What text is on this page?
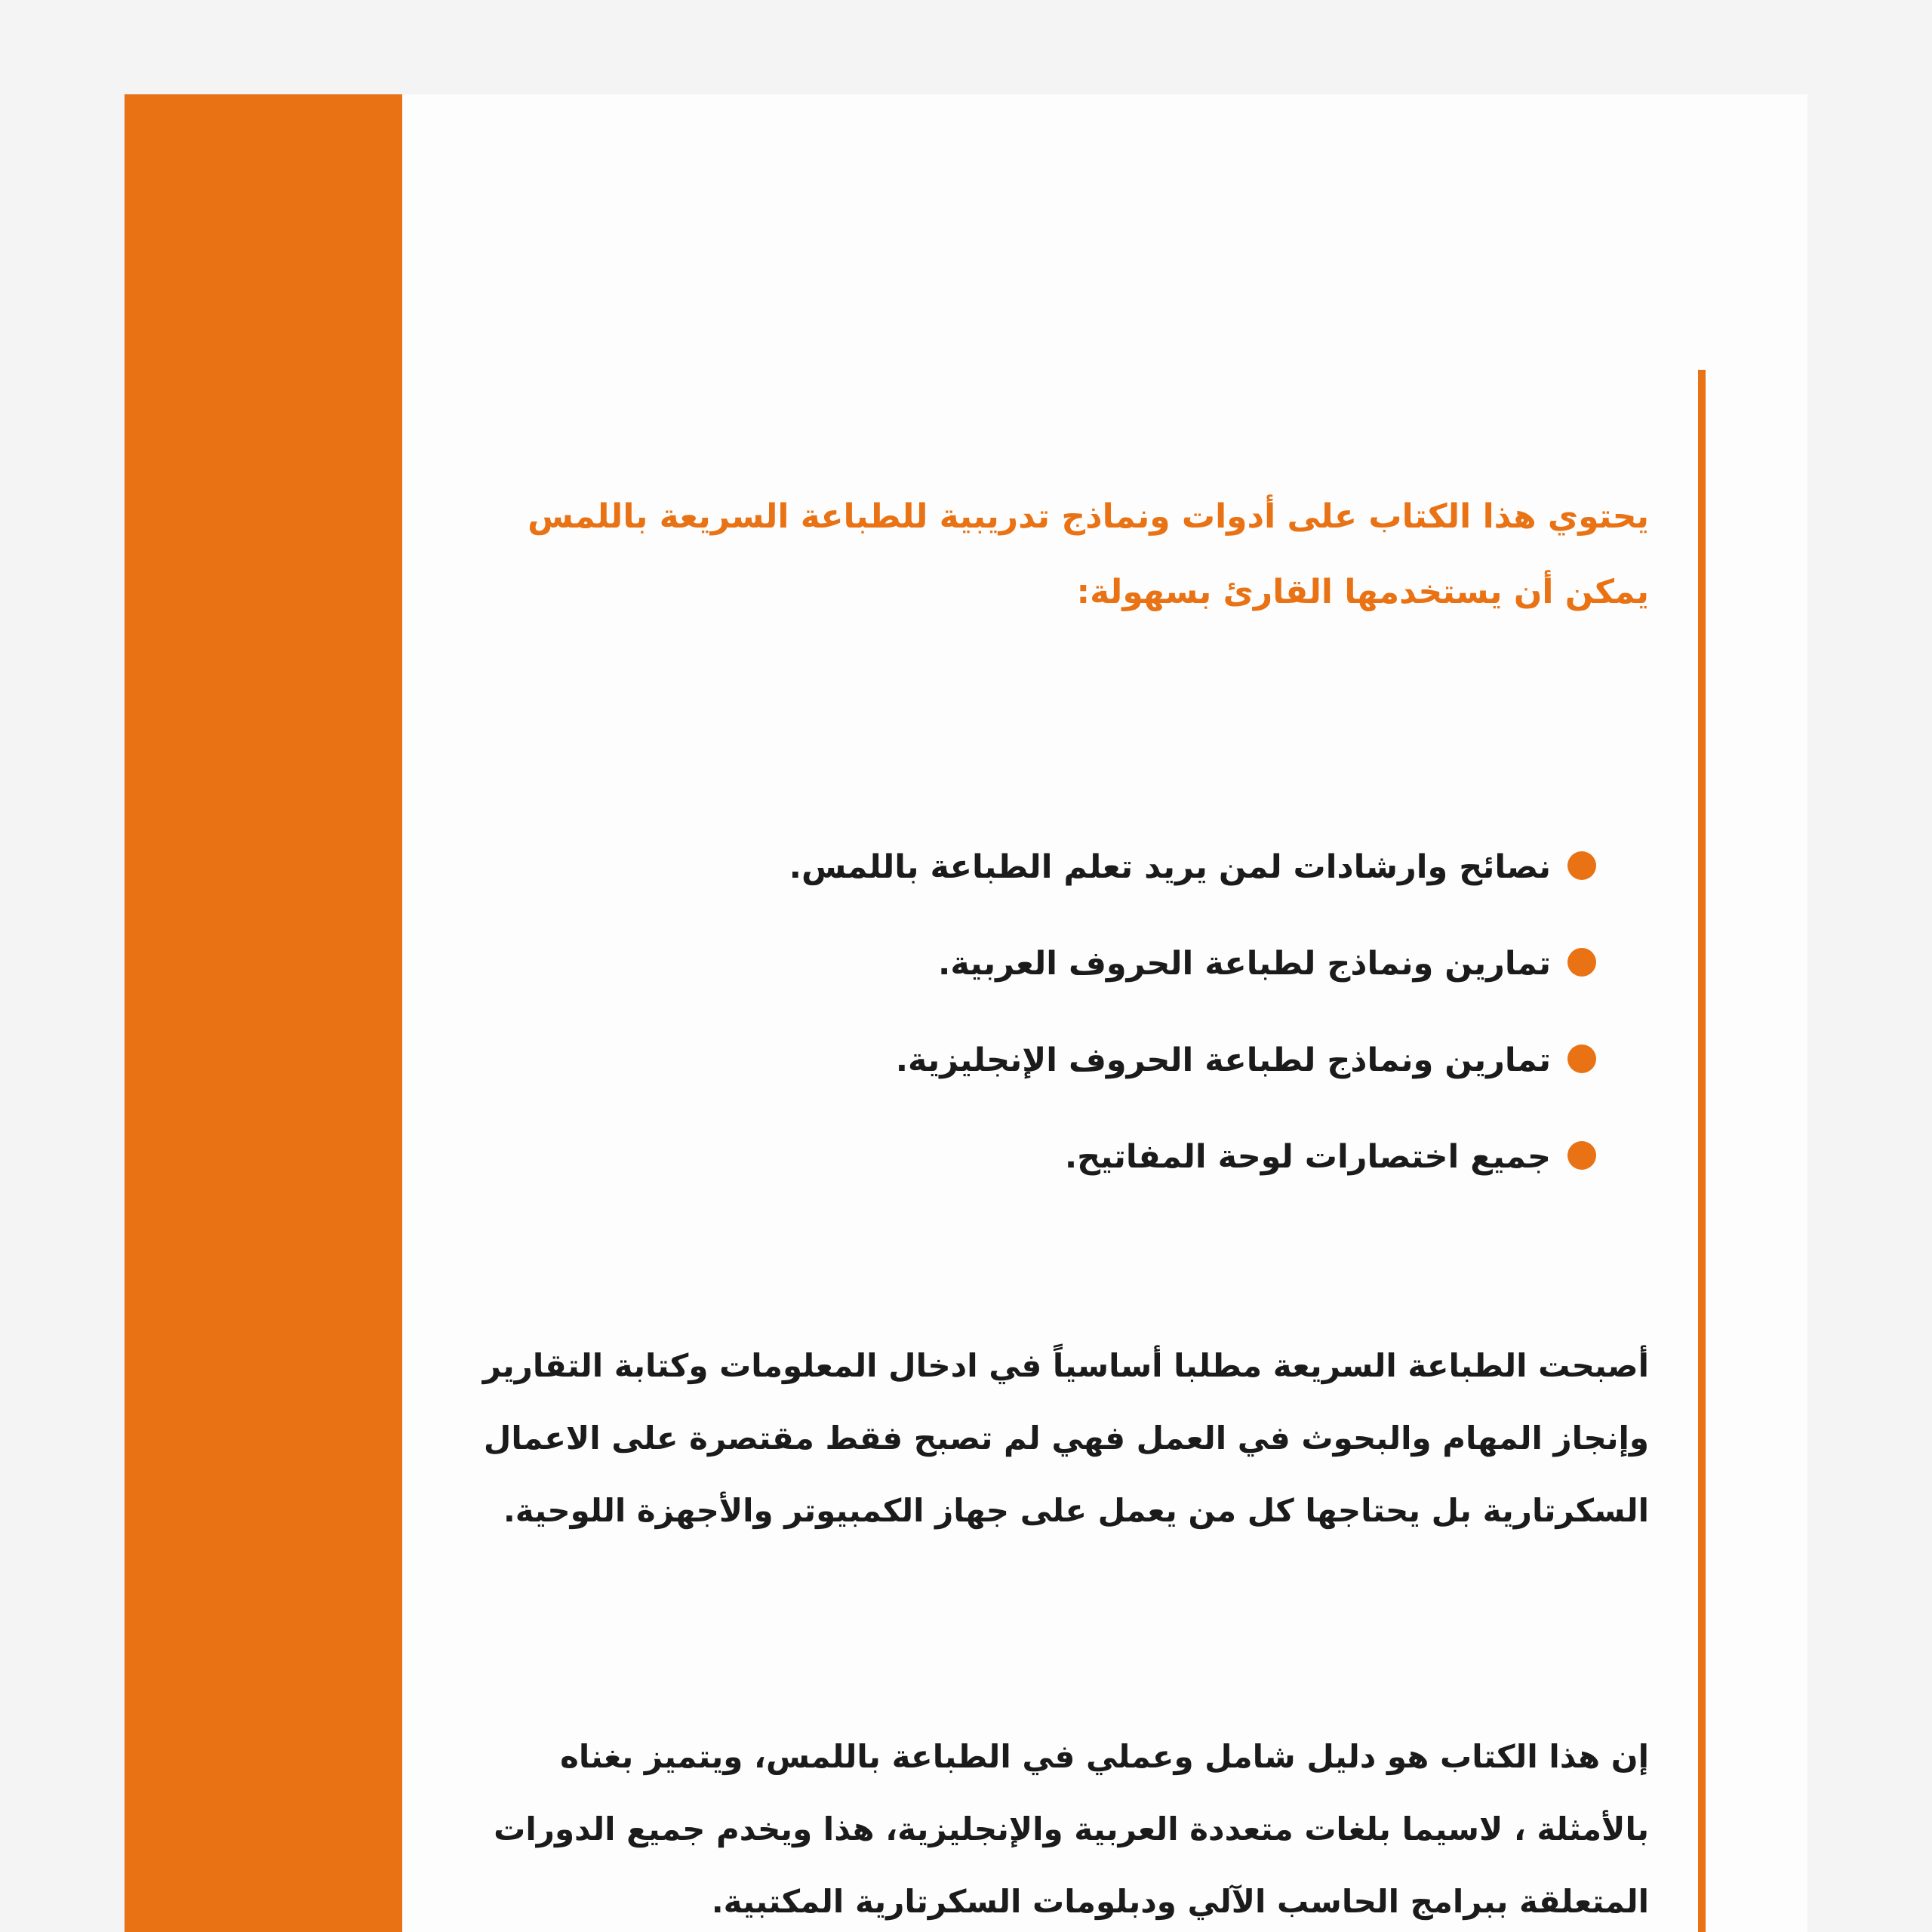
يحتوي هذا الكتاب على أدوات ونماذج تدريبية للطباعة السريعة باللمس

يمكن أن يستخدمها القارئ بسهولة:

نصائح وارشادات لمن يريد تعلم الطباعة باللمس.
تمارين ونماذج لطباعة الحروف العربية.
تمارين ونماذج لطباعة الحروف الإنجليزية.
جميع اختصارات لوحة المفاتيح.

أصبحت الطباعة السريعة مطلبا أساسياً في ادخال المعلومات وكتابة التقارير

وإنجاز المهام والبحوث في العمل فهي لم تصبح فقط مقتصرة على الاعمال

السكرتارية بل يحتاجها كل من يعمل على جهاز الكمبيوتر والأجهزة اللوحية.

إن هذا الكتاب هو دليل شامل وعملي في الطباعة باللمس، ويتميز بغناه

بالأمثلة ، لاسيما بلغات متعددة العربية والإنجليزية، هذا ويخدم جميع الدورات

المتعلقة ببرامج الحاسب الآلي ودبلومات السكرتارية المكتبية.
